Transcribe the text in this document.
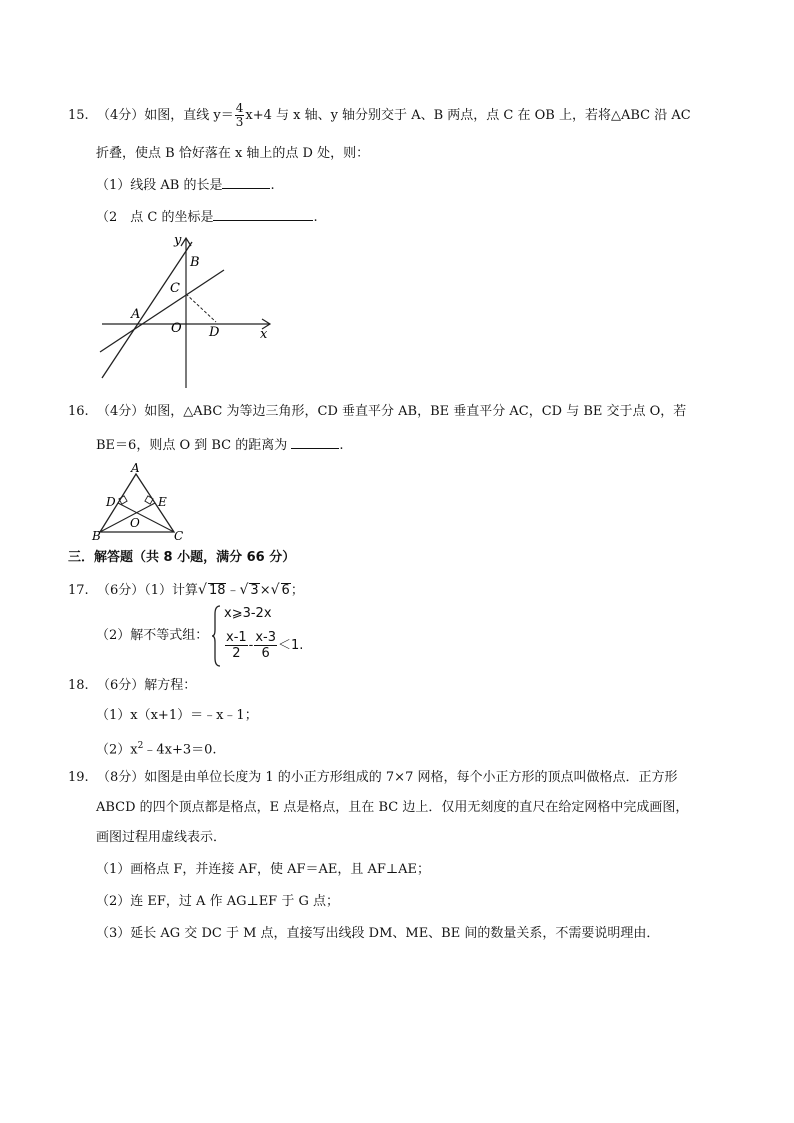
15. （4分）如图，直线 $y= \frac{4}{3} x+4$ 与 x 轴、y 轴分别交于 A、B 两点，点 C 在 OB 上，若将△ABC 沿 AC
折叠，使点 B 恰好落在 x 轴上的点 D 处，则：
（1）线段 AB 的长是	.
（2　点 C 的坐标是	.
y
x
B
C
A
O D
16. （4分）如图，△ABC 为等边三角形，CD 垂直平分 AB，BE 垂直平分 AC，CD 与 BE 交于点 O，若
BE＝6，则点 O 到 BC 的距离为	.
A
D	E
O
B	C
三．解答题（共 8 小题，满分 66 分）
17. （6分）（1）计算√ 18﹣√ 3×√ 6；
（2）解不等式组：
x⩾3-2x
$\frac{x-1}{2} - \frac{x-3}{6} <1$.
18. （6分）解方程：
（1）x（x+1）＝﹣x﹣1；
$(2)x^2﹣4x+3=0$.
19. （8分）如图是由单位长度为 1 的小正方形组成的 7×7 网格，每个小正方形的顶点叫做格点．正方形
ABCD 的四个顶点都是格点，E 点是格点，且在 BC 边上．仅用无刻度的直尺在给定网格中完成画图，
画图过程用虚线表示．
（1）画格点 F，并连接 AF，使 AF＝AE，且 AF⊥AE；
（2）连 EF，过 A 作 AG⊥EF 于 G 点；
（3）延长 AG 交 DC 于 M 点，直接写出线段 DM、ME、BE 间的数量关系，不需要说明理由．
